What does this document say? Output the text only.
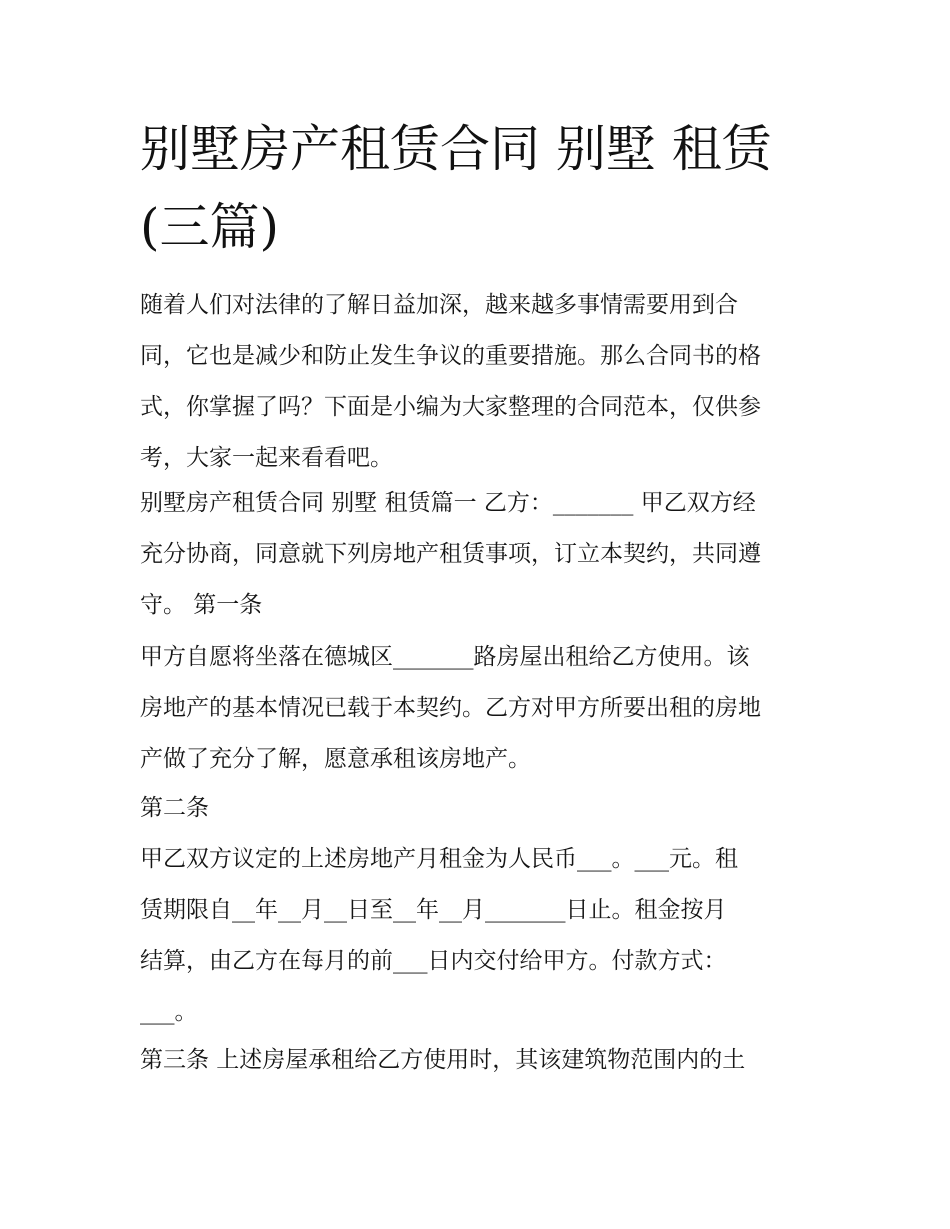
别墅房产租赁合同 别墅 租赁
(三篇)

随着人们对法律的了解日益加深，越来越多事情需要用到合
同，它也是减少和防止发生争议的重要措施。那么合同书的格
式，你掌握了吗？下面是小编为大家整理的合同范本，仅供参
考，大家一起来看看吧。

别墅房产租赁合同 别墅 租赁篇一 乙方：_______ 甲乙双方经
充分协商，同意就下列房地产租赁事项，订立本契约，共同遵
守。 第一条

甲方自愿将坐落在德城区_______路房屋出租给乙方使用。该
房地产的基本情况已载于本契约。乙方对甲方所要出租的房地
产做了充分了解，愿意承租该房地产。

第二条

甲乙双方议定的上述房地产月租金为人民币___。___元。租
赁期限自__年__月__日至__年__月_______日止。租金按月
结算，由乙方在每月的前___日内交付给甲方。付款方式：
___。

第三条 上述房屋承租给乙方使用时，其该建筑物范围内的土
